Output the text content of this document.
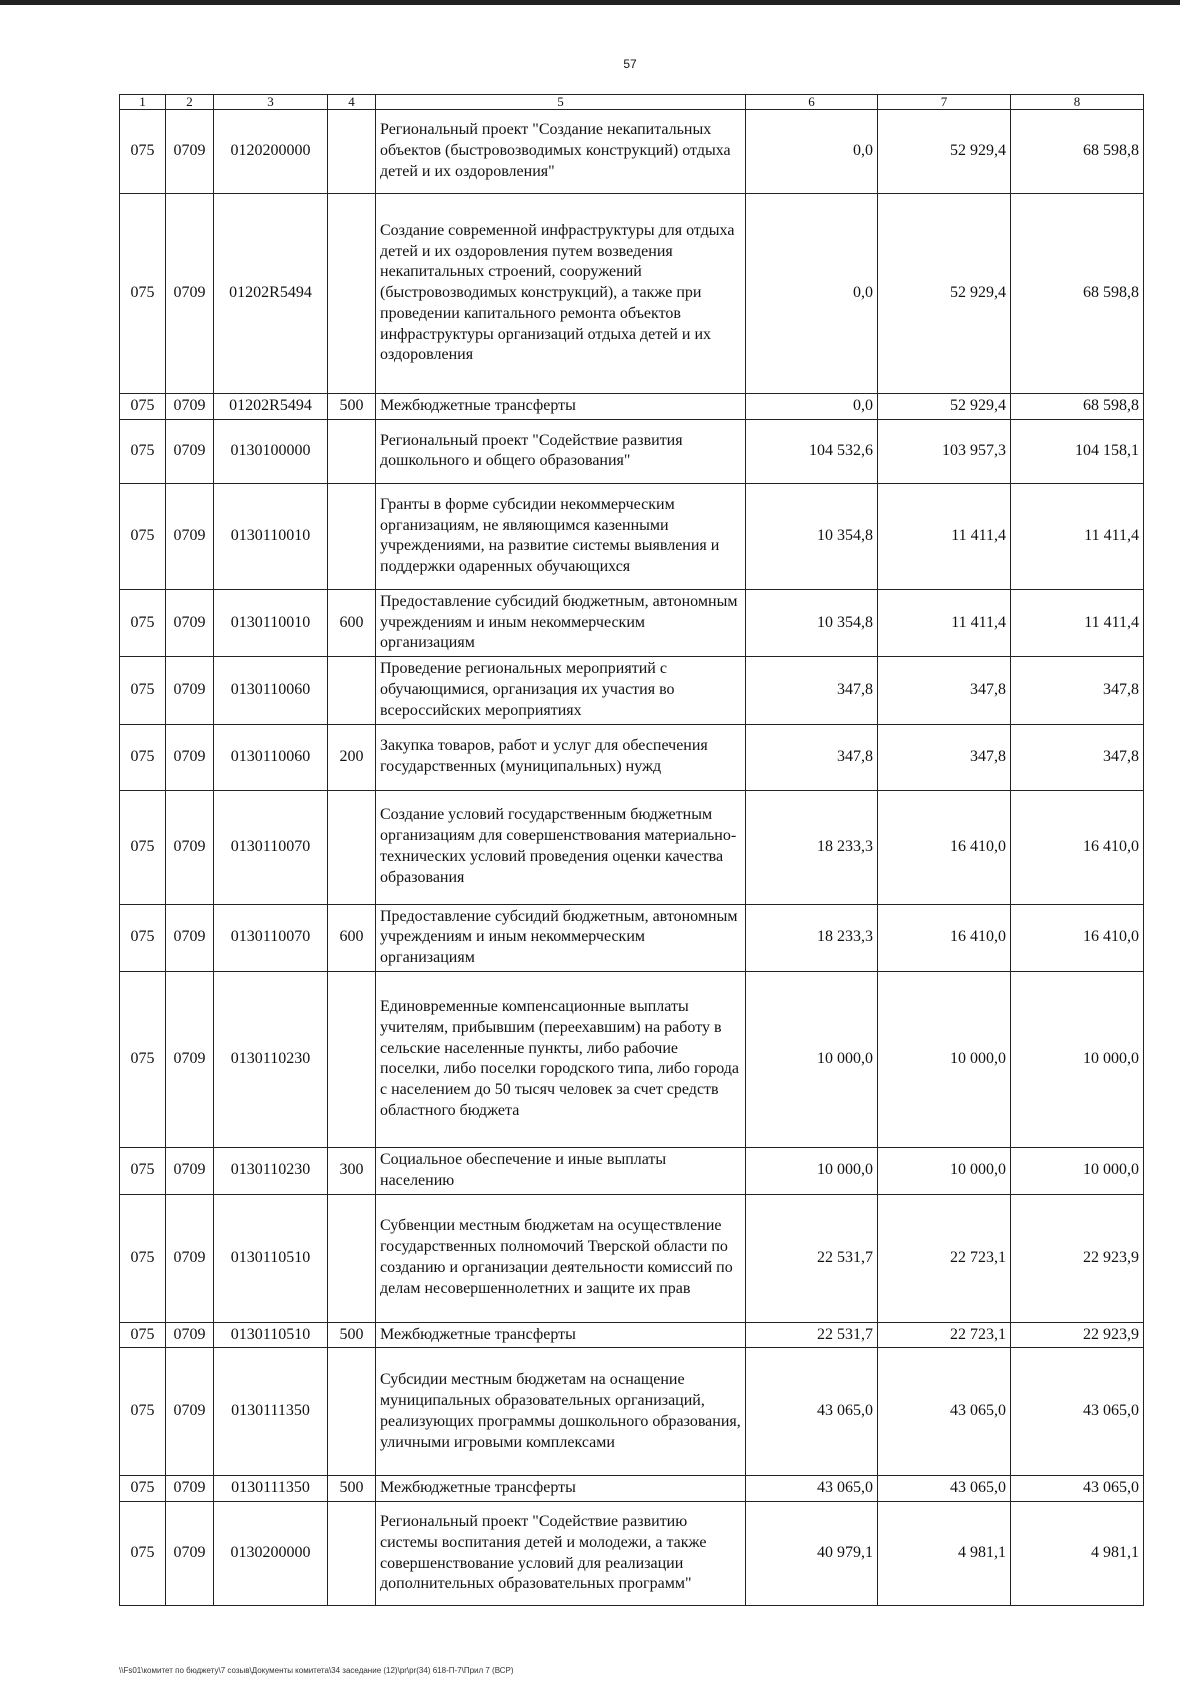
57
1	2	3	4	5	6	7	8
075	0709	0120200000		Региональный проект "Создание некапитальных объектов (быстровозводимых конструкций) отдыха детей и их оздоровления"	0,0	52 929,4	68 598,8
075	0709	01202R5494		Создание современной инфраструктуры для отдыха детей и их оздоровления путем возведения некапитальных строений, сооружений (быстровозводимых конструкций), а также при проведении капитального ремонта объектов инфраструктуры организаций отдыха детей и их оздоровления	0,0	52 929,4	68 598,8
075	0709	01202R5494	500	Межбюджетные трансферты	0,0	52 929,4	68 598,8
075	0709	0130100000		Региональный проект "Содействие развития дошкольного и общего образования"	104 532,6	103 957,3	104 158,1
075	0709	0130110010		Гранты в форме субсидии некоммерческим организациям, не являющимся казенными учреждениями, на развитие системы выявления и поддержки одаренных обучающихся	10 354,8	11 411,4	11 411,4
075	0709	0130110010	600	Предоставление субсидий бюджетным, автономным учреждениям и иным некоммерческим организациям	10 354,8	11 411,4	11 411,4
075	0709	0130110060		Проведение региональных мероприятий с обучающимися, организация их участия во всероссийских мероприятиях	347,8	347,8	347,8
075	0709	0130110060	200	Закупка товаров, работ и услуг для обеспечения государственных (муниципальных) нужд	347,8	347,8	347,8
075	0709	0130110070		Создание условий государственным бюджетным организациям для совершенствования материально-технических условий проведения оценки качества образования	18 233,3	16 410,0	16 410,0
075	0709	0130110070	600	Предоставление субсидий бюджетным, автономным учреждениям и иным некоммерческим организациям	18 233,3	16 410,0	16 410,0
075	0709	0130110230		Единовременные компенсационные выплаты учителям, прибывшим (переехавшим) на работу в сельские населенные пункты, либо рабочие поселки, либо поселки городского типа, либо города с населением до 50 тысяч человек за счет средств областного бюджета	10 000,0	10 000,0	10 000,0
075	0709	0130110230	300	Социальное обеспечение и иные выплаты населению	10 000,0	10 000,0	10 000,0
075	0709	0130110510		Субвенции местным бюджетам на осуществление государственных полномочий Тверской области по созданию и организации деятельности комиссий по делам несовершеннолетних и защите их прав	22 531,7	22 723,1	22 923,9
075	0709	0130110510	500	Межбюджетные трансферты	22 531,7	22 723,1	22 923,9
075	0709	0130111350		Субсидии местным бюджетам на оснащение муниципальных образовательных организаций, реализующих программы дошкольного образования, уличными игровыми комплексами	43 065,0	43 065,0	43 065,0
075	0709	0130111350	500	Межбюджетные трансферты	43 065,0	43 065,0	43 065,0
075	0709	0130200000		Региональный проект "Содействие развитию системы воспитания детей и молодежи, а также совершенствование условий для реализации дополнительных образовательных программ"	40 979,1	4 981,1	4 981,1
\\Fs01\комитет по бюджету\7 созыв\Документы комитета\34 заседание (12)\pr\pr(34) 618-П-7\Прил 7 (ВСР)
